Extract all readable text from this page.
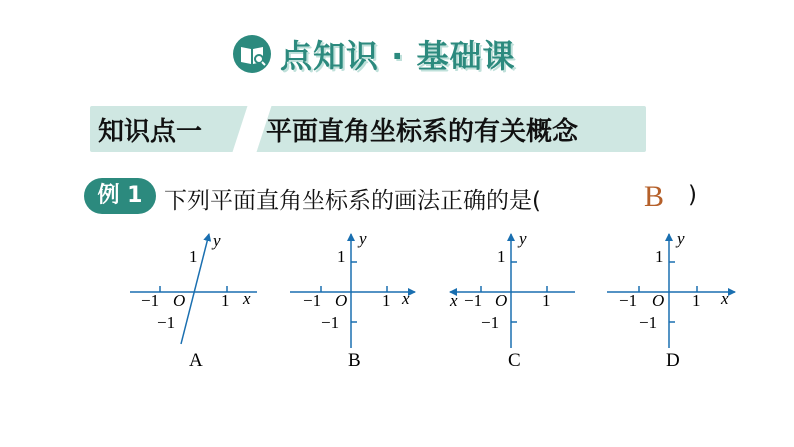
点知识 · 基础课
知识点一 平面直角坐标系的有关概念
例 1 下列平面直角坐标系的画法正确的是(	B )
y
1
−1 O 1 x
−1
A
y
1
−1 O 1 x
−1
B
y
1
x −1 O 1
−1
C
y
1
−1 O 1 x
−1
D
